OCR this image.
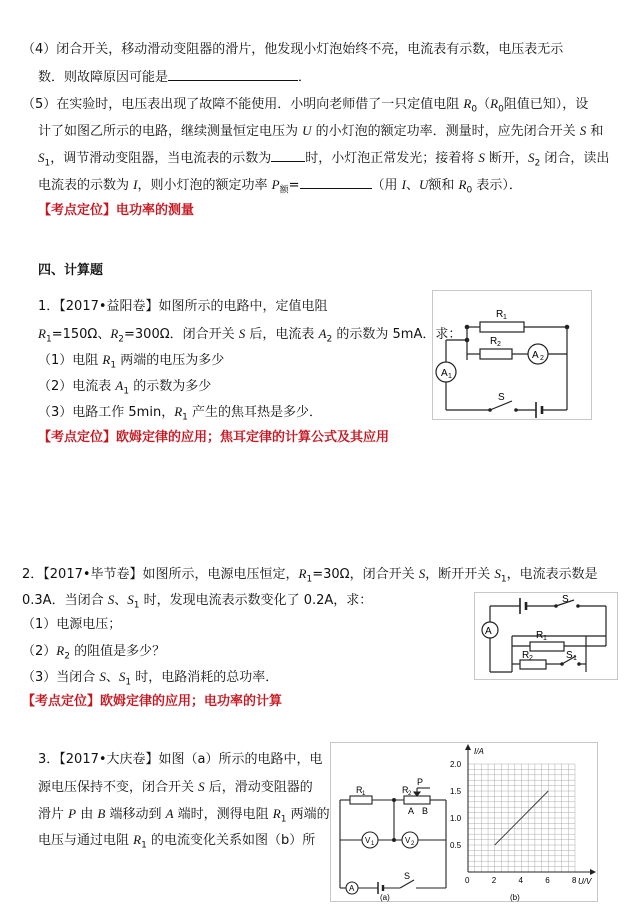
（4）闭合开关，移动滑动变阻器的滑片，他发现小灯泡始终不亮，电流表有示数，电压表无示
数．则故障原因可能是	．
（5）在实验时，电压表出现了故障不能使用．小明向老师借了一只定值电阻 $R_0(R_0$阻值已知），设
计了如图乙所示的电路，继续测量恒定电压为 U 的小灯泡的额定功率．测量时，应先闭合开关 S 和
$S_1$，调节滑动变阻器，当电流表的示数为	时，小灯泡正常发光；接着将 S 断开，$S_2$ 闭合，读出
电流表的示数为 I，则小灯泡的额定功率 $P_额=$	（用 I、U额和 $R_0$ 表示）．
【考点定位】电功率的测量
四、计算题
1．【2017•益阳卷】如图所示的电路中，定值电阻
$R_1=150\Omega$、$R_2=300\Omega$．闭合开关 S 后，电流表 $A_2$ 的示数为 5mA．求：
（1）电阻 $R_1$ 两端的电压为多少
（2）电流表 $A_1$ 的示数为多少
（3）电路工作 5min，$R_1$ 产生的焦耳热是多少．
【考点定位】欧姆定律的应用；焦耳定律的计算公式及其应用
R 1
R 2
A 2
A 1
S
2．【2017•毕节卷】如图所示，电源电压恒定，$R_1=30\Omega$，闭合开关 S，断开开关 $S_1$，电流表示数是
0.3A．当闭合 S、$S_1$ 时，发现电流表示数变化了 0.2A，求：
（1）电源电压；
$(2)R_2$ 的阻值是多少？
（3）当闭合 S、$S_1$ 时，电路消耗的总功率．
【考点定位】欧姆定律的应用；电功率的计算
S
A	R 1
R 2	S 1
3．【2017•大庆卷】如图（a）所示的电路中，电
源电压保持不变，闭合开关 S 后，滑动变阻器的
滑片 P 由 B 端移动到 A 端时，测得电阻 $R_1$ 两端的
电压与通过电阻 $R_1$ 的电流变化关系如图（b）所
R 1	R 2
P
A B
V 1	V 2
A
S
(a)
0	2	4	6	8
0.5
1.0
1.5
2.0
I/A
U/V
(b)
